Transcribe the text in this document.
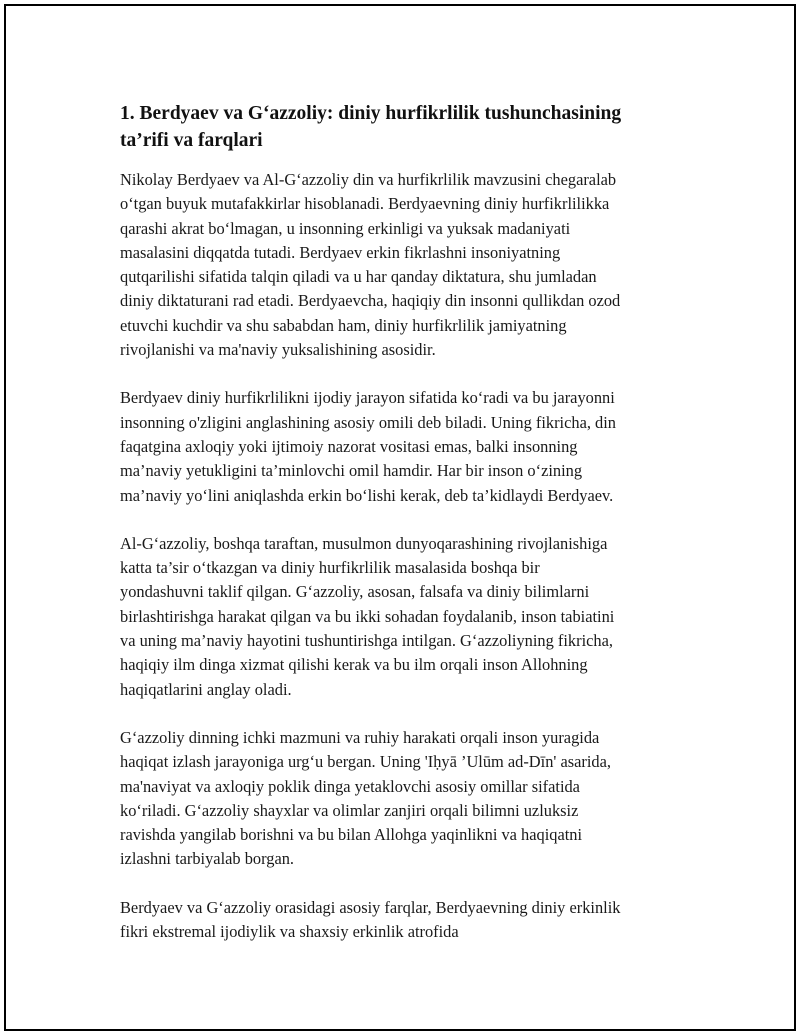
1. Berdyaev va G‘azzoliy: diniy hurfikrlilik tushunchasining
ta’rifi va farqlari

Nikolay Berdyaev va Al-G‘azzoliy din va hurfikrlilik mavzusini chegaralab
o‘tgan buyuk mutafakkirlar hisoblanadi. Berdyaevning diniy hurfikrlilikka
qarashi akrat bo‘lmagan, u insonning erkinligi va yuksak madaniyati
masalasini diqqatda tutadi. Berdyaev erkin fikrlashni insoniyatning
qutqarilishi sifatida talqin qiladi va u har qanday diktatura, shu jumladan
diniy diktaturani rad etadi. Berdyaevcha, haqiqiy din insonni qullikdan ozod
etuvchi kuchdir va shu sababdan ham, diniy hurfikrlilik jamiyatning
rivojlanishi va ma'naviy yuksalishining asosidir.

Berdyaev diniy hurfikrlilikni ijodiy jarayon sifatida ko‘radi va bu jarayonni
insonning o'zligini anglashining asosiy omili deb biladi. Uning fikricha, din
faqatgina axloqiy yoki ijtimoiy nazorat vositasi emas, balki insonning
ma’naviy yetukligini ta’minlovchi omil hamdir. Har bir inson o‘zining
ma’naviy yo‘lini aniqlashda erkin bo‘lishi kerak, deb ta’kidlaydi Berdyaev.

Al-G‘azzoliy, boshqa taraftan, musulmon dunyoqarashining rivojlanishiga
katta ta’sir o‘tkazgan va diniy hurfikrlilik masalasida boshqa bir
yondashuvni taklif qilgan. G‘azzoliy, asosan, falsafa va diniy bilimlarni
birlashtirishga harakat qilgan va bu ikki sohadan foydalanib, inson tabiatini
va uning ma’naviy hayotini tushuntirishga intilgan. G‘azzoliyning fikricha,
haqiqiy ilm dinga xizmat qilishi kerak va bu ilm orqali inson Allohning
haqiqatlarini anglay oladi.

G‘azzoliy dinning ichki mazmuni va ruhiy harakati orqali inson yuragida
haqiqat izlash jarayoniga urg‘u bergan. Uning 'Iḥyā ’Ulūm ad-Dīn' asarida,
ma'naviyat va axloqiy poklik dinga yetaklovchi asosiy omillar sifatida
ko‘riladi. G‘azzoliy shayxlar va olimlar zanjiri orqali bilimni uzluksiz
ravishda yangilab borishni va bu bilan Allohga yaqinlikni va haqiqatni
izlashni tarbiyalab borgan.

Berdyaev va G‘azzoliy orasidagi asosiy farqlar, Berdyaevning diniy erkinlik
fikri ekstremal ijodiylik va shaxsiy erkinlik atrofida
